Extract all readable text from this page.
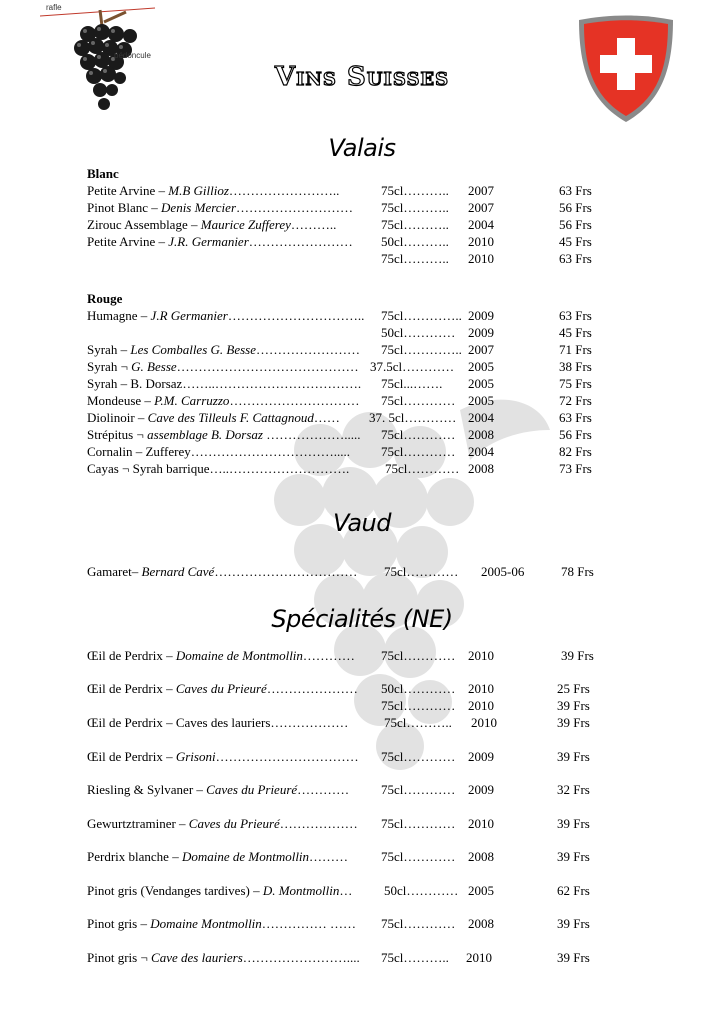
rafle
pédoncule
Vins Suisses
Valais
Blanc
Petite Arvine – M.B Gillioz……………………..	75cl……….. 2007	63 Frs
Pinot Blanc – Denis Mercier……………………… 75cl……….. 2007	56 Frs
Zirouc Assemblage – Maurice Zufferey………..	75cl……….. 2004	56 Frs
Petite Arvine – J.R. Germanier…………………… 50cl……….. 2010	45 Frs
75cl……….. 2010	63 Frs
Rouge
Humagne – J.R Germanier………………………….. 75cl………….. 2009	63 Frs
50cl………… 2009	45 Frs
Syrah – Les Comballes G. Besse…………………… 75cl………….. 2007	71 Frs
Syrah ¬ G. Besse…………………………………… 37.5cl………… 2005	38 Frs
Syrah – B. Dorsaz……..……………………………. 75cl...……. 2005	75 Frs
Mondeuse – P.M. Carruzzo………………………… 75cl………… 2005	72 Frs
Diolinoir – Cave des Tilleuls F. Cattagnoud…… 37. 5cl………… 2004	63 Frs
Strépitus ¬ assemblage B. Dorsaz ………………..... 75cl………… 2008	56 Frs
Cornalin – Zufferey……………………………..... 75cl………… 2004	82 Frs
Cayas ¬ Syrah barrique…..……………………….	75cl………… 2008	73 Frs
Vaud
Gamaret– Bernard Cavé…………………………… 75cl………… 2005-06	78 Frs
Spécialités (NE)
Œil de Perdrix – Domaine de Montmollin………… 75cl………… 2010	39 Frs
Œil de Perdrix – Caves du Prieuré………………… 50cl………… 2010	25 Frs
75cl………… 2010	39 Frs
Œil de Perdrix – Caves des lauriers………………	75cl……….. 2010	39 Frs
Œil de Perdrix – Grisoni…………………………… 75cl………… 2009	39 Frs
Riesling & Sylvaner – Caves du Prieuré………… 75cl………… 2009	32 Frs
Gewurtztraminer – Caves du Prieuré……………… 75cl………… 2010	39 Frs
Perdrix blanche – Domaine de Montmollin………	75cl………… 2008	39 Frs
Pinot gris (Vendanges tardives) – D. Montmollin… 50cl………… 2005	62 Frs
Pinot gris – Domaine Montmollin…………… …… 75cl………… 2008	39 Frs
Pinot gris ¬ Cave des lauriers…………………….... 75cl……….. 2010	39 Frs
